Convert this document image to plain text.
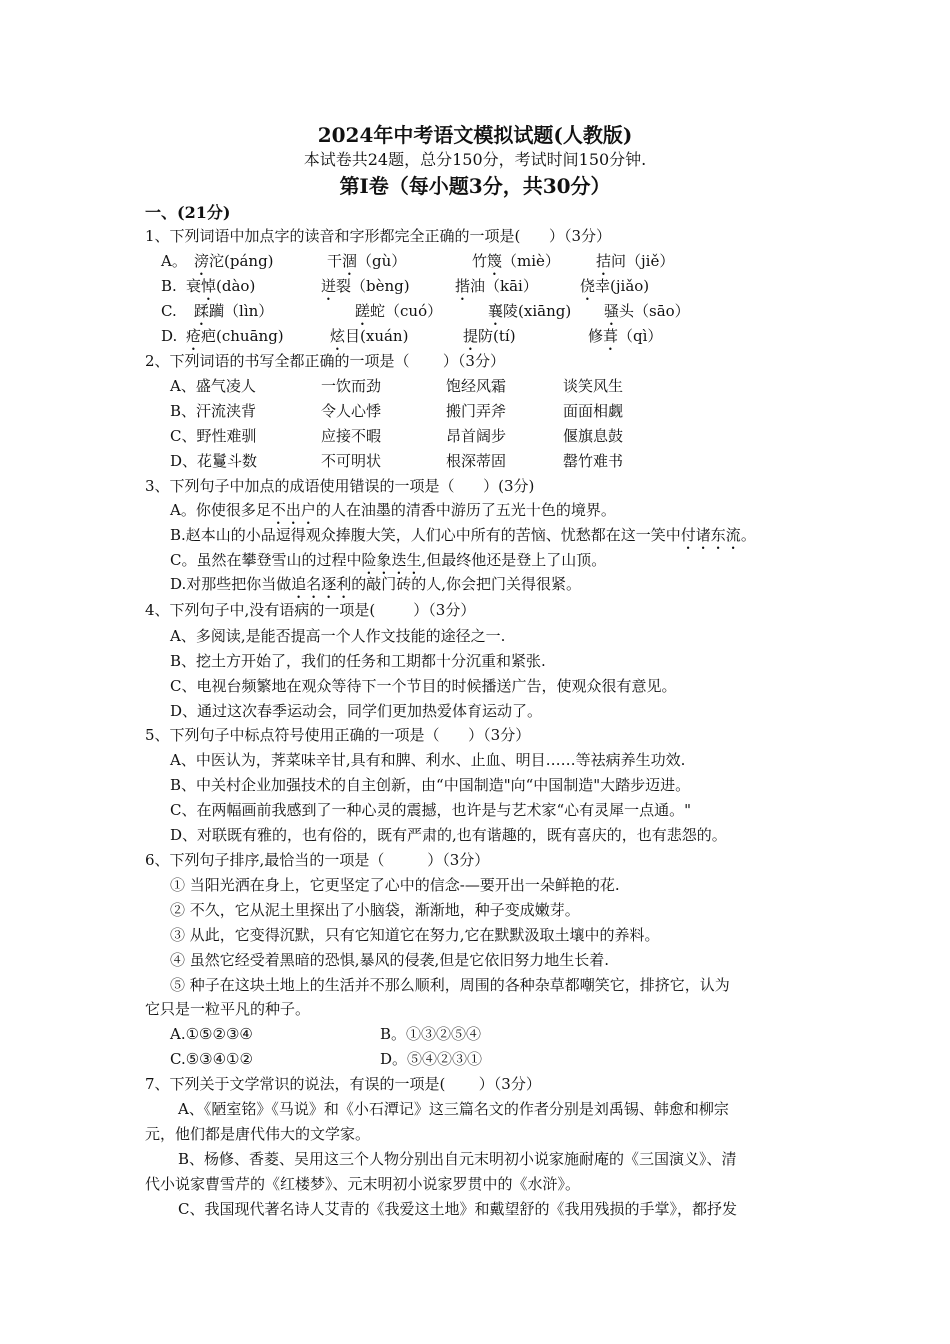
2024年中考语文模拟试题(人教版)
本试卷共24题，总分150分，考试时间150分钟.
第Ⅰ卷（每小题3分，共30分）
一、(21分)
1、下列词语中加点字的读音和字形都完全正确的一项是(      ）（3分）
A。 滂沱(páng)	干涸（gù）	竹篾（miè） 拮问（jiě）
B. 衰悼(dào)	迸裂（bèng)	揩油（kāi）	侥幸(jiǎo)
C. 蹂躏（lìn）	蹉蛇（cuó）	襄陵(xiāng) 骚头（sāo）
D. 疮疤(chuāng)	炫目(xuán)	提防(tí)	修葺（qì）
2、下列词语的书写全都正确的一项是（       ）（3分）
A、盛气凌人	一饮而劲	饱经风霜	谈笑风生
B、汗流浃背	令人心悸	搬门弄斧	面面相觑
C、野性难驯	应接不暇	昂首阔步	偃旗息鼓
D、花鬘斗数	不可明状	根深蒂固	罄竹难书
3、下列句子中加点的成语使用错误的一项是（      ）(3分)
A。你使很多足不出户的人在油墨的清香中游历了五光十色的境界。
B.赵本山的小品逗得观众捧腹大笑，人们心中所有的苦恼、忧愁都在这一笑中付诸东流。
C。虽然在攀登雪山的过程中险象迭生,但最终他还是登上了山顶。
D.对那些把你当做追名逐利的敲门砖的人,你会把门关得很紧。
4、下列句子中,没有语病的一项是(        ）（3分）
A、多阅读,是能否提高一个人作文技能的途径之一.
B、挖土方开始了，我们的任务和工期都十分沉重和紧张.
C、电视台频繁地在观众等待下一个节目的时候播送广告，使观众很有意见。
D、通过这次春季运动会，同学们更加热爱体育运动了。
5、下列句子中标点符号使用正确的一项是（      ）（3分）
A、中医认为，荠菜味辛甘,具有和脾、利水、止血、明目……等祛病养生功效.
B、中关村企业加强技术的自主创新，由“中国制造"向“中国制造"大踏步迈进。
C、在两幅画前我感到了一种心灵的震撼，也许是与艺术家“心有灵犀一点通。"
D、对联既有雅的，也有俗的，既有严肃的,也有谐趣的，既有喜庆的，也有悲怨的。
6、下列句子排序,最恰当的一项是（         ）（3分）
① 当阳光洒在身上，它更坚定了心中的信念-—要开出一朵鲜艳的花.
② 不久，它从泥土里探出了小脑袋，渐渐地，种子变成嫩芽。
③ 从此，它变得沉默，只有它知道它在努力,它在默默汲取土壤中的养料。
④ 虽然它经受着黑暗的恐惧,暴风的侵袭,但是它依旧努力地生长着.
⑤ 种子在这块土地上的生活并不那么顺利，周围的各种杂草都嘲笑它，排挤它，认为
它只是一粒平凡的种子。
A.①⑤②③④	B。①③②⑤④
C.⑤③④①②	D。⑤④②③①
7、下列关于文学常识的说法，有误的一项是(       ）（3分）
A、《陋室铭》《马说》和《小石潭记》这三篇名文的作者分别是刘禹锡、韩愈和柳宗
元，他们都是唐代伟大的文学家。
B、杨修、香菱、吴用这三个人物分别出自元末明初小说家施耐庵的《三国演义》、清
代小说家曹雪芹的《红楼梦》、元末明初小说家罗贯中的《水浒》。
C、我国现代著名诗人艾青的《我爱这土地》和戴望舒的《我用残损的手掌》，都抒发
